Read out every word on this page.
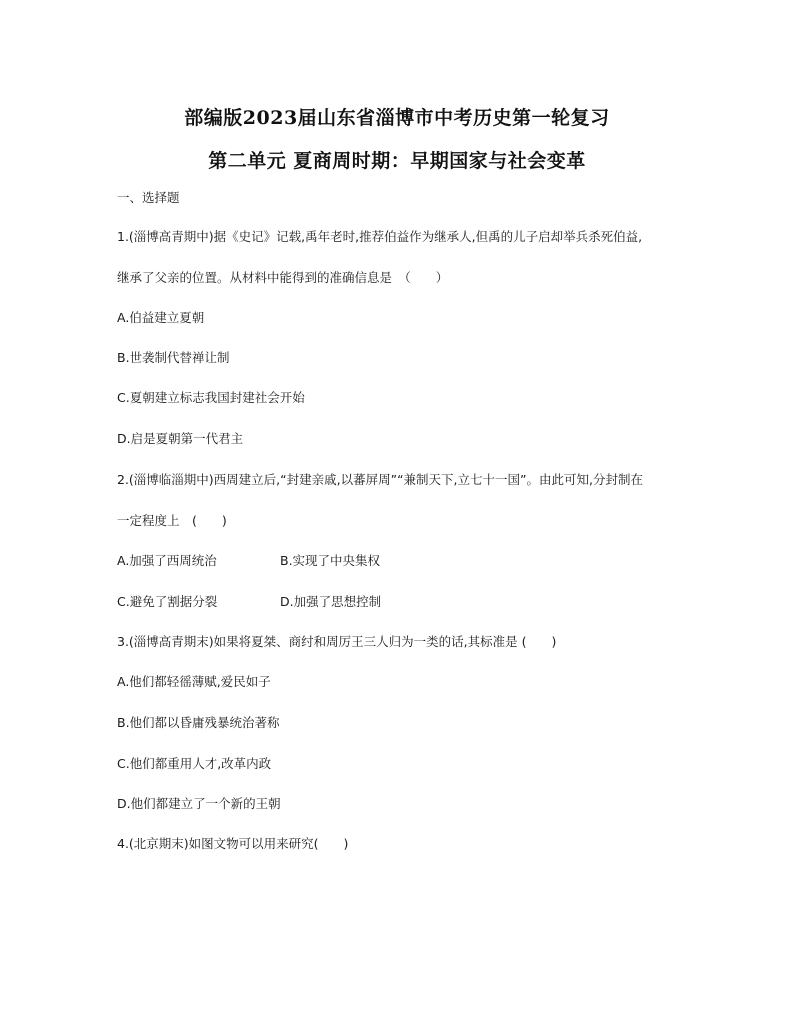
部编版2023届山东省淄博市中考历史第一轮复习
第二单元 夏商周时期：早期国家与社会变革
一、选择题
1.(淄博高青期中)据《史记》记载,禹年老时,推荐伯益作为继承人,但禹的儿子启却举兵杀死伯益,
继承了父亲的位置。从材料中能得到的准确信息是　（　　）
A.伯益建立夏朝
B.世袭制代替禅让制
C.夏朝建立标志我国封建社会开始
D.启是夏朝第一代君主
2.(淄博临淄期中)西周建立后,“封建亲戚,以蕃屏周”“兼制天下,立七十一国”。由此可知,分封制在
一定程度上　(　　)
A.加强了西周统治	B.实现了中央集权
C.避免了割据分裂	D.加强了思想控制
3.(淄博高青期末)如果将夏桀、商纣和周厉王三人归为一类的话,其标准是 (　　)
A.他们都轻徭薄赋,爱民如子
B.他们都以昏庸残暴统治著称
C.他们都重用人才,改革内政
D.他们都建立了一个新的王朝
4.(北京期末)如图文物可以用来研究(　　)
